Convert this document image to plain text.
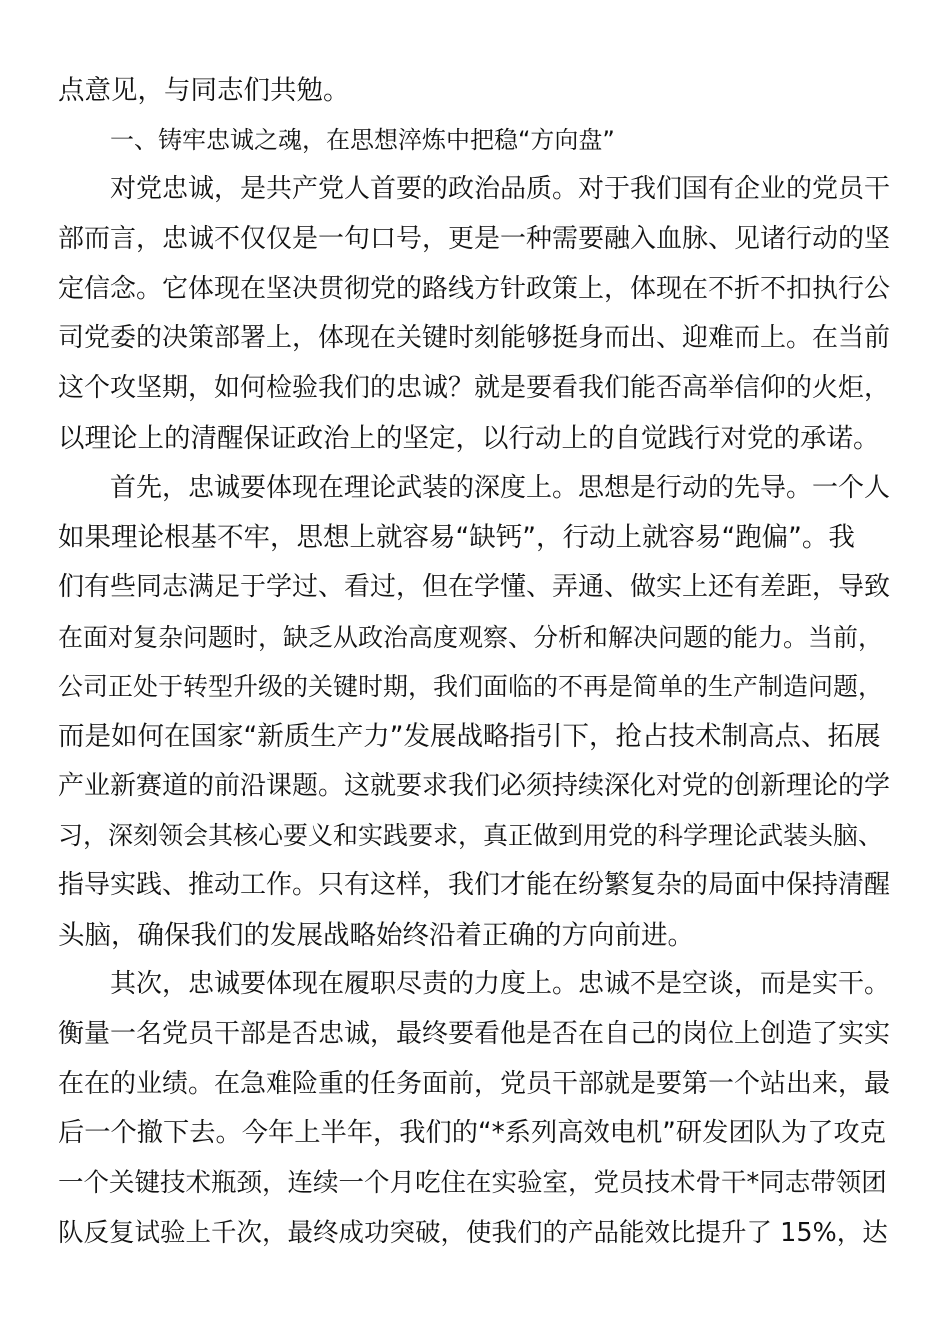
点意见，与同志们共勉。
一、铸牢忠诚之魂，在思想淬炼中把稳“方向盘”
对党忠诚，是共产党人首要的政治品质。对于我们国有企业的党员干
部而言，忠诚不仅仅是一句口号，更是一种需要融入血脉、见诸行动的坚
定信念。它体现在坚决贯彻党的路线方针政策上，体现在不折不扣执行公
司党委的决策部署上，体现在关键时刻能够挺身而出、迎难而上。在当前
这个攻坚期，如何检验我们的忠诚？就是要看我们能否高举信仰的火炬，
以理论上的清醒保证政治上的坚定，以行动上的自觉践行对党的承诺。
首先，忠诚要体现在理论武装的深度上。思想是行动的先导。一个人
如果理论根基不牢，思想上就容易“缺钙”，行动上就容易“跑偏”。我
们有些同志满足于学过、看过，但在学懂、弄通、做实上还有差距，导致
在面对复杂问题时，缺乏从政治高度观察、分析和解决问题的能力。当前，
公司正处于转型升级的关键时期，我们面临的不再是简单的生产制造问题，
而是如何在国家“新质生产力”发展战略指引下，抢占技术制高点、拓展
产业新赛道的前沿课题。这就要求我们必须持续深化对党的创新理论的学
习，深刻领会其核心要义和实践要求，真正做到用党的科学理论武装头脑、
指导实践、推动工作。只有这样，我们才能在纷繁复杂的局面中保持清醒
头脑，确保我们的发展战略始终沿着正确的方向前进。
其次，忠诚要体现在履职尽责的力度上。忠诚不是空谈，而是实干。
衡量一名党员干部是否忠诚，最终要看他是否在自己的岗位上创造了实实
在在的业绩。在急难险重的任务面前，党员干部就是要第一个站出来，最
后一个撤下去。今年上半年，我们的“*系列高效电机”研发团队为了攻克
一个关键技术瓶颈，连续一个月吃住在实验室，党员技术骨干*同志带领团
队反复试验上千次，最终成功突破，使我们的产品能效比提升了 15%，达
